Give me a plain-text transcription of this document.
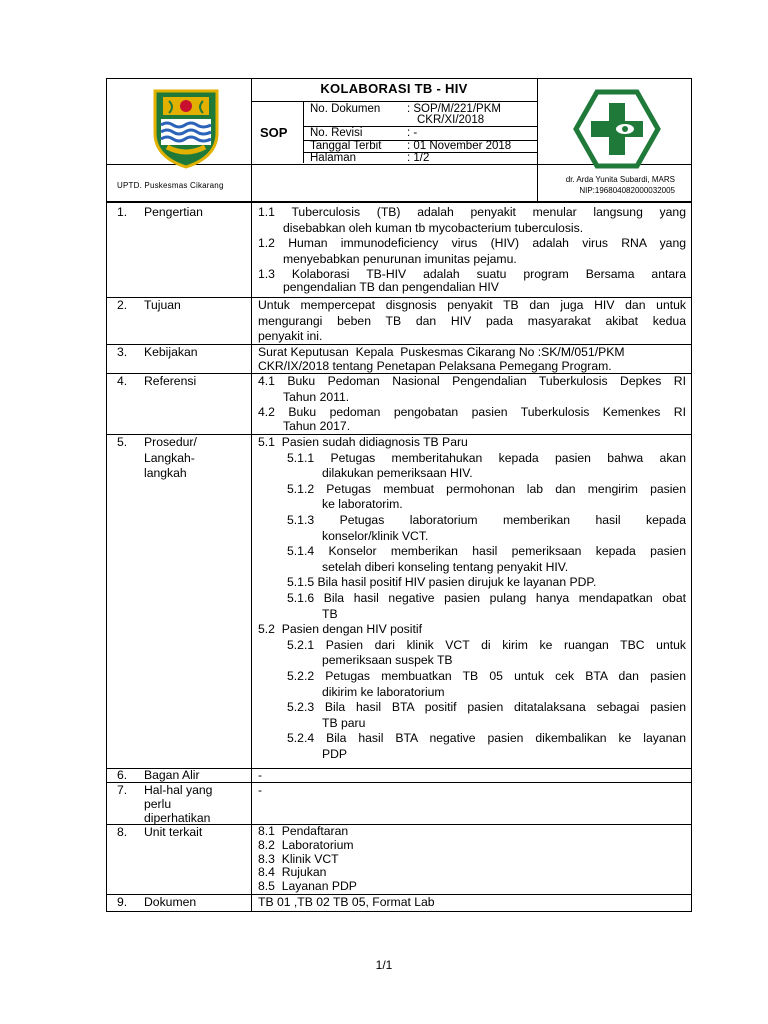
KOLABORASI TB - HIV
SOP
No. Dokumen : SOP/M/221/PKM
CKR/XI/2018
No. Revisi	: -
Tanggal Terbit : 01 November 2018
Halaman	: 1/2
UPTD. Puskesmas Cikarang
dr. Arda Yunita Subardi, MARS
NIP:196804082000032005
1. Pengertian	1.1 Tuberculosis (TB) adalah penyakit menular langsung yang
disebabkan oleh kuman tb mycobacterium tuberculosis.
1.2 Human immunodeficiency virus (HIV) adalah virus RNA yang
menyebabkan penurunan imunitas pejamu.
1.3 Kolaborasi TB-HIV adalah suatu program Bersama antara
pengendalian TB dan pengendalian HIV
2. Tujuan	Untuk mempercepat disgnosis penyakit TB dan juga HIV dan untuk
mengurangi beben TB dan HIV pada masyarakat akibat kedua
penyakit ini.
3. Kebijakan	Surat Keputusan  Kepala  Puskesmas Cikarang No :SK/M/051/PKM
CKR/IX/2018 tentang Penetapan Pelaksana Pemegang Program.
4. Referensi	4.1 Buku Pedoman Nasional Pengendalian Tuberkulosis Depkes RI
Tahun 2011.
4.2 Buku pedoman pengobatan pasien Tuberkulosis Kemenkes RI
Tahun 2017.
5. Prosedur/
Langkah-
langkah
5.1  Pasien sudah didiagnosis TB Paru
5.1.1 Petugas memberitahukan kepada pasien bahwa akan
dilakukan pemeriksaan HIV.
5.1.2 Petugas membuat permohonan lab dan mengirim pasien
ke laboratorim.
5.1.3 Petugas laboratorium memberikan hasil kepada
konselor/klinik VCT.
5.1.4 Konselor memberikan hasil pemeriksaan kepada pasien
setelah diberi konseling tentang penyakit HIV.
5.1.5 Bila hasil positif HIV pasien dirujuk ke layanan PDP.
5.1.6 Bila hasil negative pasien pulang hanya mendapatkan obat
TB
5.2  Pasien dengan HIV positif
5.2.1 Pasien dari klinik VCT di kirim ke ruangan TBC untuk
pemeriksaan suspek TB
5.2.2 Petugas membuatkan TB 05 untuk cek BTA dan pasien
dikirim ke laboratorium
5.2.3 Bila hasil BTA positif pasien ditatalaksana sebagai pasien
TB paru
5.2.4 Bila hasil BTA negative pasien dikembalikan ke layanan
PDP
6. Bagan Alir	-
7. Hal-hal yang
perlu
diperhatikan
-
8. Unit terkait	8.1  Pendaftaran
8.2  Laboratorium
8.3  Klinik VCT
8.4  Rujukan
8.5  Layanan PDP
9. Dokumen	TB 01 ,TB 02 TB 05, Format Lab
1/1
